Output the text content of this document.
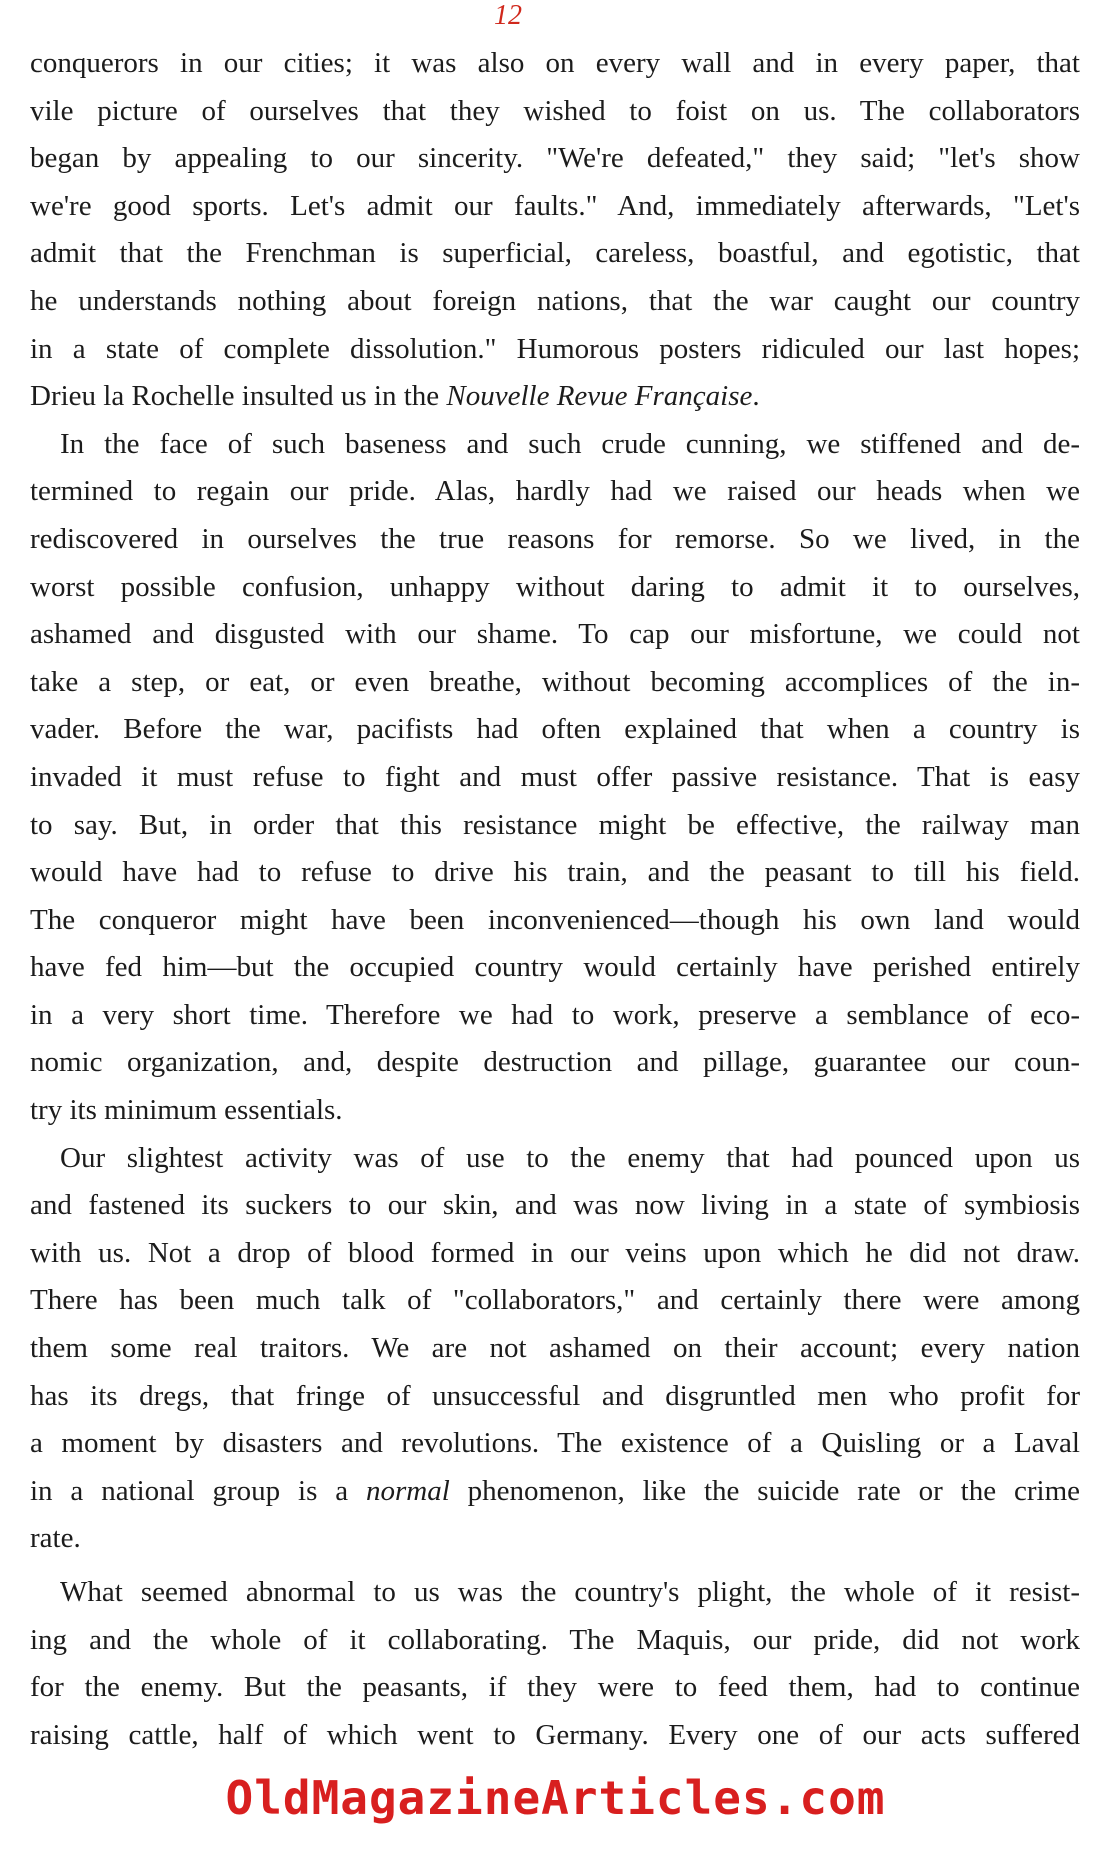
12
conquerors in our cities; it was also on every wall and in every paper, that
vile picture of ourselves that they wished to foist on us. The collaborators
began by appealing to our sincerity. "We're defeated," they said; "let's show
we're good sports. Let's admit our faults." And, immediately afterwards, "Let's
admit that the Frenchman is superficial, careless, boastful, and egotistic, that
he understands nothing about foreign nations, that the war caught our country
in a state of complete dissolution." Humorous posters ridiculed our last hopes;
Drieu la Rochelle insulted us in the Nouvelle Revue Française.
In the face of such baseness and such crude cunning, we stiffened and de-
termined to regain our pride. Alas, hardly had we raised our heads when we
rediscovered in ourselves the true reasons for remorse. So we lived, in the
worst possible confusion, unhappy without daring to admit it to ourselves,
ashamed and disgusted with our shame. To cap our misfortune, we could not
take a step, or eat, or even breathe, without becoming accomplices of the in-
vader. Before the war, pacifists had often explained that when a country is
invaded it must refuse to fight and must offer passive resistance. That is easy
to say. But, in order that this resistance might be effective, the railway man
would have had to refuse to drive his train, and the peasant to till his field.
The conqueror might have been inconvenienced—though his own land would
have fed him—but the occupied country would certainly have perished entirely
in a very short time. Therefore we had to work, preserve a semblance of eco-
nomic organization, and, despite destruction and pillage, guarantee our coun-
try its minimum essentials.
Our slightest activity was of use to the enemy that had pounced upon us
and fastened its suckers to our skin, and was now living in a state of symbiosis
with us. Not a drop of blood formed in our veins upon which he did not draw.
There has been much talk of "collaborators," and certainly there were among
them some real traitors. We are not ashamed on their account; every nation
has its dregs, that fringe of unsuccessful and disgruntled men who profit for
a moment by disasters and revolutions. The existence of a Quisling or a Laval
in a national group is a normal phenomenon, like the suicide rate or the crime
rate.
What seemed abnormal to us was the country's plight, the whole of it resist-
ing and the whole of it collaborating. The Maquis, our pride, did not work
for the enemy. But the peasants, if they were to feed them, had to continue
raising cattle, half of which went to Germany. Every one of our acts suffered
OldMagazineArticles.com
